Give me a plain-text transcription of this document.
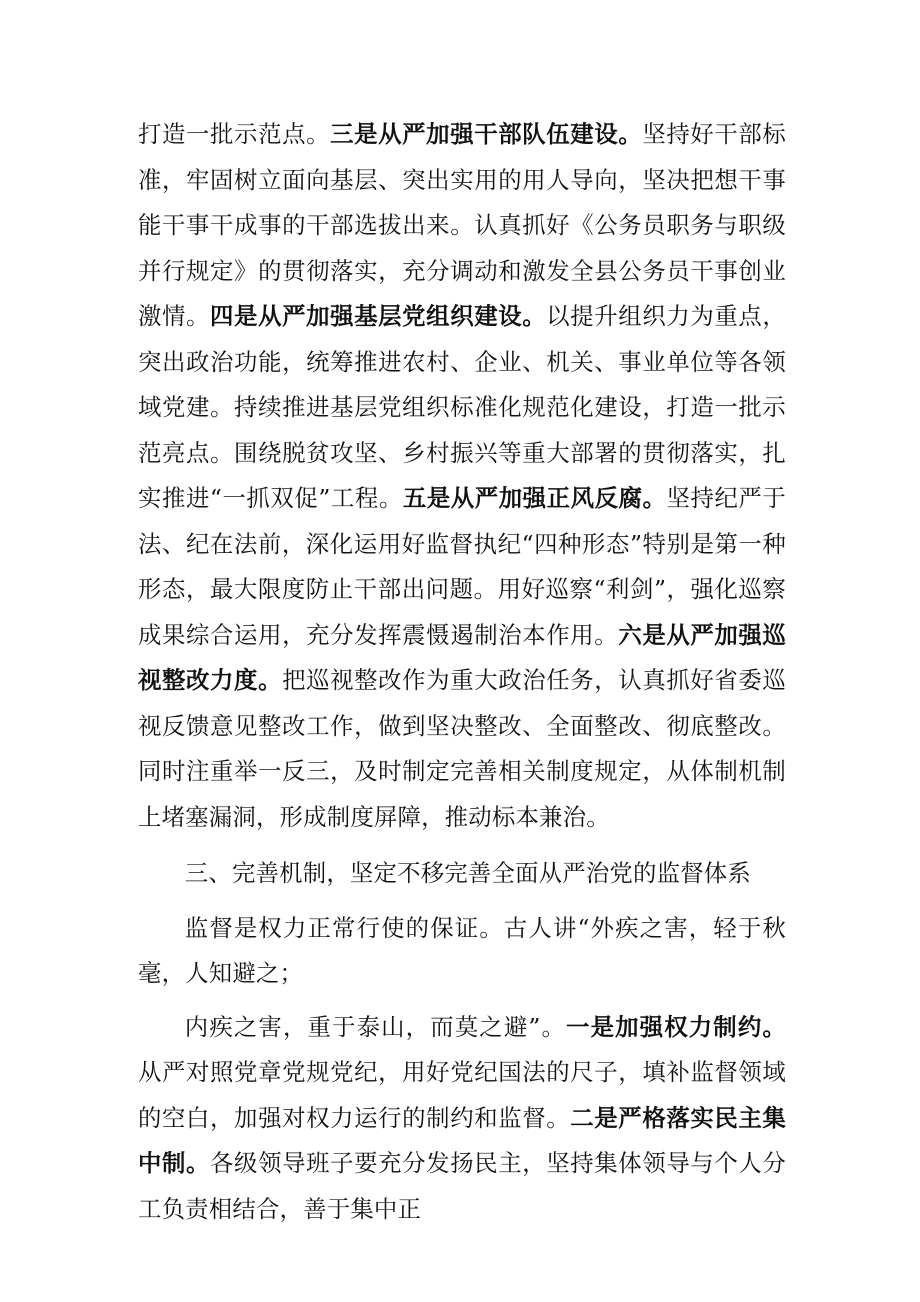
打造一批示范点。三是从严加强干部队伍建设。坚持好干部标准，牢固树立面向基层、突出实用的用人导向，坚决把想干事能干事干成事的干部选拔出来。认真抓好《公务员职务与职级并行规定》的贯彻落实，充分调动和激发全县公务员干事创业激情。四是从严加强基层党组织建设。以提升组织力为重点，突出政治功能，统筹推进农村、企业、机关、事业单位等各领域党建。持续推进基层党组织标准化规范化建设，打造一批示范亮点。围绕脱贫攻坚、乡村振兴等重大部署的贯彻落实，扎实推进“一抓双促”工程。五是从严加强正风反腐。坚持纪严于法、纪在法前，深化运用好监督执纪“四种形态”特别是第一种形态，最大限度防止干部出问题。用好巡察“利剑”，强化巡察成果综合运用，充分发挥震慑遏制治本作用。六是从严加强巡视整改力度。把巡视整改作为重大政治任务，认真抓好省委巡视反馈意见整改工作，做到坚决整改、全面整改、彻底整改。同时注重举一反三，及时制定完善相关制度规定，从体制机制上堵塞漏洞，形成制度屏障，推动标本兼治。

三、完善机制，坚定不移完善全面从严治党的监督体系

监督是权力正常行使的保证。古人讲“外疾之害，轻于秋毫，人知避之；

内疾之害，重于泰山，而莫之避”。一是加强权力制约。从严对照党章党规党纪，用好党纪国法的尺子，填补监督领域的空白，加强对权力运行的制约和监督。二是严格落实民主集中制。各级领导班子要充分发扬民主，坚持集体领导与个人分工负责相结合，善于集中正
